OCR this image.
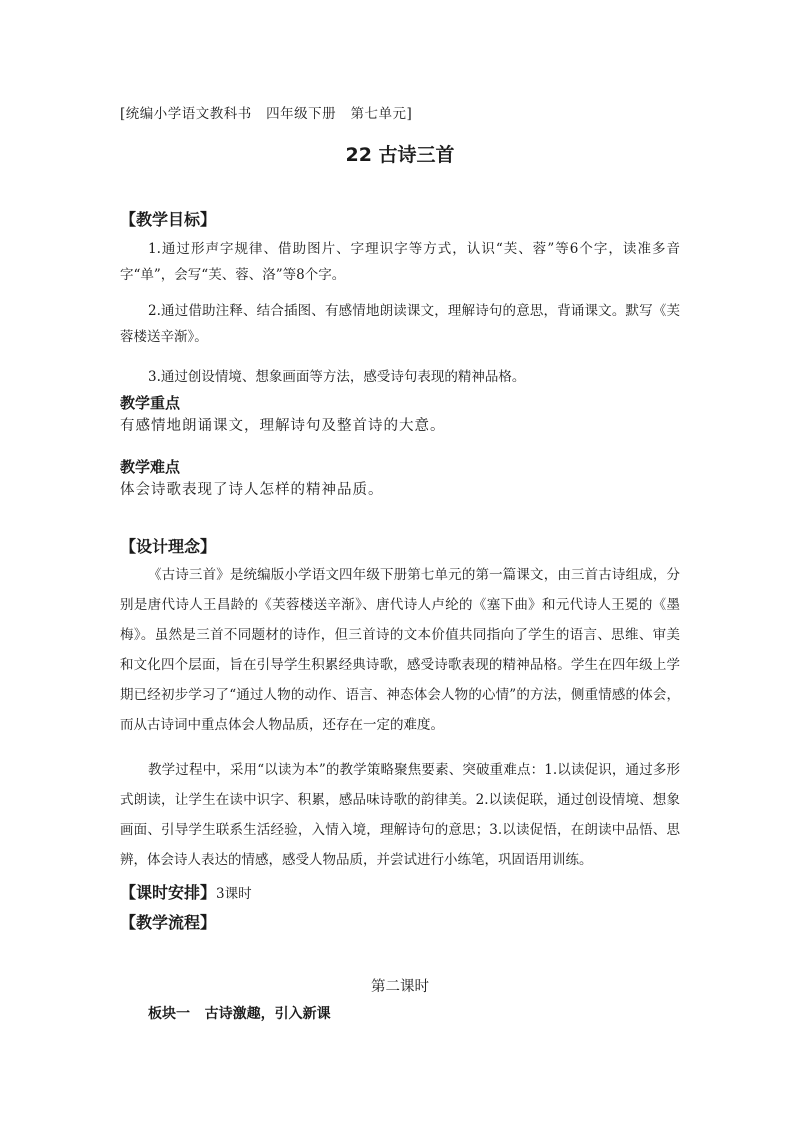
[统编小学语文教科书   四年级下册   第七单元]
22 古诗三首
【教学目标】
1.通过形声字规律、借助图片、字理识字等方式，认识“芙、蓉”等6个字，读准多音字“单”，会写“芙、蓉、洛”等8个字。
2.通过借助注释、结合插图、有感情地朗读课文，理解诗句的意思，背诵课文。默写《芙蓉楼送辛渐》。
3.通过创设情境、想象画面等方法，感受诗句表现的精神品格。
教学重点
有感情地朗诵课文，理解诗句及整首诗的大意。
教学难点
体会诗歌表现了诗人怎样的精神品质。
【设计理念】
《古诗三首》是统编版小学语文四年级下册第七单元的第一篇课文，由三首古诗组成，分别是唐代诗人王昌龄的《芙蓉楼送辛渐》、唐代诗人卢纶的《塞下曲》和元代诗人王冕的《墨梅》。虽然是三首不同题材的诗作，但三首诗的文本价值共同指向了学生的语言、思维、审美和文化四个层面，旨在引导学生积累经典诗歌，感受诗歌表现的精神品格。学生在四年级上学期已经初步学习了“通过人物的动作、语言、神态体会人物的心情”的方法，侧重情感的体会，而从古诗词中重点体会人物品质，还存在一定的难度。
教学过程中，采用“以读为本”的教学策略聚焦要素、突破重难点：1.以读促识，通过多形式朗读，让学生在读中识字、积累，感品味诗歌的韵律美。2.以读促联，通过创设情境、想象画面、引导学生联系生活经验，入情入境，理解诗句的意思；3.以读促悟，在朗读中品悟、思辨，体会诗人表达的情感，感受人物品质，并尝试进行小练笔，巩固语用训练。
【课时安排】3课时
【教学流程】
第二课时
板块一   古诗激趣，引入新课
